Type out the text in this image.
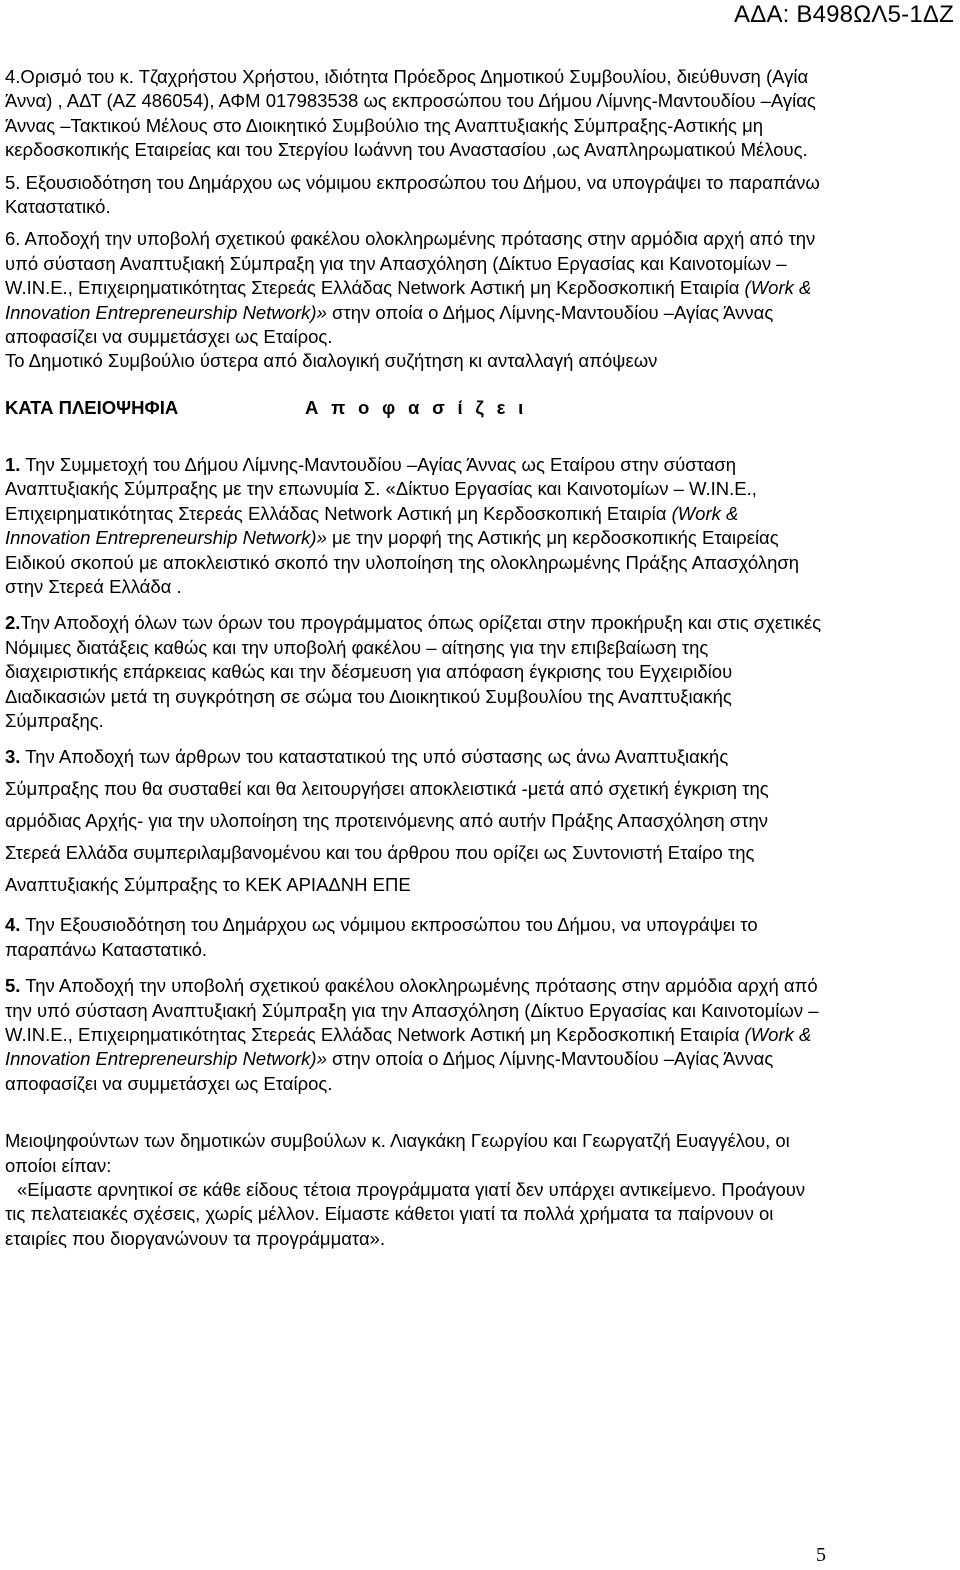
ΑΔΑ: Β498ΩΛ5-1ΔΖ

4.Ορισμό του κ. Τζαχρήστου Χρήστου, ιδιότητα Πρόεδρος Δημοτικού Συμβουλίου, διεύθυνση (Αγία Άννα) , ΑΔΤ (ΑΖ 486054), ΑΦΜ 017983538 ως εκπροσώπου του Δήμου Λίμνης-Μαντουδίου –Αγίας Άννας –Τακτικού Μέλους στο Διοικητικό Συμβούλιο της Αναπτυξιακής Σύμπραξης-Αστικής μη κερδοσκοπικής Εταιρείας και του Στεργίου Ιωάννη του Αναστασίου ,ως Αναπληρωματικού Μέλους.

5. Εξουσιοδότηση του Δημάρχου ως νόμιμου εκπροσώπου του Δήμου, να υπογράψει το παραπάνω Καταστατικό.

6. Αποδοχή την υποβολή σχετικού φακέλου ολοκληρωμένης πρότασης στην αρμόδια αρχή από την υπό σύσταση Αναπτυξιακή Σύμπραξη για την Απασχόληση (Δίκτυο Εργασίας και Καινοτομίων – W.IN.E., Επιχειρηματικότητας Στερεάς Ελλάδας Network Αστική μη Κερδοσκοπική Εταιρία (Work & Innovation Entrepreneurship Network)» στην οποία ο Δήμος Λίμνης-Μαντουδίου –Αγίας Άννας αποφασίζει να συμμετάσχει ως Εταίρος.

Το Δημοτικό Συμβούλιο ύστερα από διαλογική συζήτηση κι ανταλλαγή απόψεων

ΚΑΤΑ ΠΛΕΙΟΨΗΦΙΑ	Α π ο φ α σ ί ζ ε ι

1. Την Συμμετοχή του Δήμου Λίμνης-Μαντουδίου –Αγίας Άννας ως Εταίρου στην σύσταση Αναπτυξιακής Σύμπραξης με την επωνυμία Σ. «Δίκτυο Εργασίας και Καινοτομίων – W.IN.E., Επιχειρηματικότητας Στερεάς Ελλάδας Network Αστική μη Κερδοσκοπική Εταιρία (Work & Innovation Entrepreneurship Network)» με την μορφή της Αστικής μη κερδοσκοπικής Εταιρείας Ειδικού σκοπού με αποκλειστικό σκοπό την υλοποίηση της ολοκληρωμένης Πράξης Απασχόληση στην Στερεά Ελλάδα .

2.Την Αποδοχή όλων των όρων του προγράμματος όπως ορίζεται στην προκήρυξη και στις σχετικές Νόμιμες διατάξεις καθώς και την υποβολή φακέλου – αίτησης για την επιβεβαίωση της διαχειριστικής επάρκειας καθώς και την δέσμευση για απόφαση έγκρισης του Εγχειριδίου Διαδικασιών μετά τη συγκρότηση σε σώμα του Διοικητικού Συμβουλίου της Αναπτυξιακής Σύμπραξης.

3. Την Αποδοχή των άρθρων του καταστατικού της υπό σύστασης ως άνω Αναπτυξιακής Σύμπραξης που θα συσταθεί και θα λειτουργήσει αποκλειστικά -μετά από σχετική έγκριση της αρμόδιας Αρχής- για την υλοποίηση της προτεινόμενης από αυτήν Πράξης Απασχόληση στην Στερεά Ελλάδα συμπεριλαμβανομένου και του άρθρου που ορίζει ως Συντονιστή Εταίρο της Αναπτυξιακής Σύμπραξης το ΚΕΚ ΑΡΙΑΔΝΗ ΕΠΕ

4. Την Εξουσιοδότηση του Δημάρχου ως νόμιμου εκπροσώπου του Δήμου, να υπογράψει το παραπάνω Καταστατικό.

5. Την Αποδοχή την υποβολή σχετικού φακέλου ολοκληρωμένης πρότασης στην αρμόδια αρχή από την υπό σύσταση Αναπτυξιακή Σύμπραξη για την Απασχόληση (Δίκτυο Εργασίας και Καινοτομίων – W.IN.E., Επιχειρηματικότητας Στερεάς Ελλάδας Network Αστική μη Κερδοσκοπική Εταιρία (Work & Innovation Entrepreneurship Network)» στην οποία ο Δήμος Λίμνης-Μαντουδίου –Αγίας Άννας αποφασίζει να συμμετάσχει ως Εταίρος.

Μειοψηφούντων των δημοτικών συμβούλων κ. Λιαγκάκη Γεωργίου και Γεωργατζή Ευαγγέλου, οι οποίοι είπαν:

«Είμαστε αρνητικοί σε κάθε είδους τέτοια προγράμματα γιατί δεν υπάρχει αντικείμενο. Προάγουν τις πελατειακές σχέσεις, χωρίς μέλλον. Είμαστε κάθετοι γιατί τα πολλά χρήματα τα παίρνουν οι εταιρίες που διοργανώνουν τα προγράμματα».

5
